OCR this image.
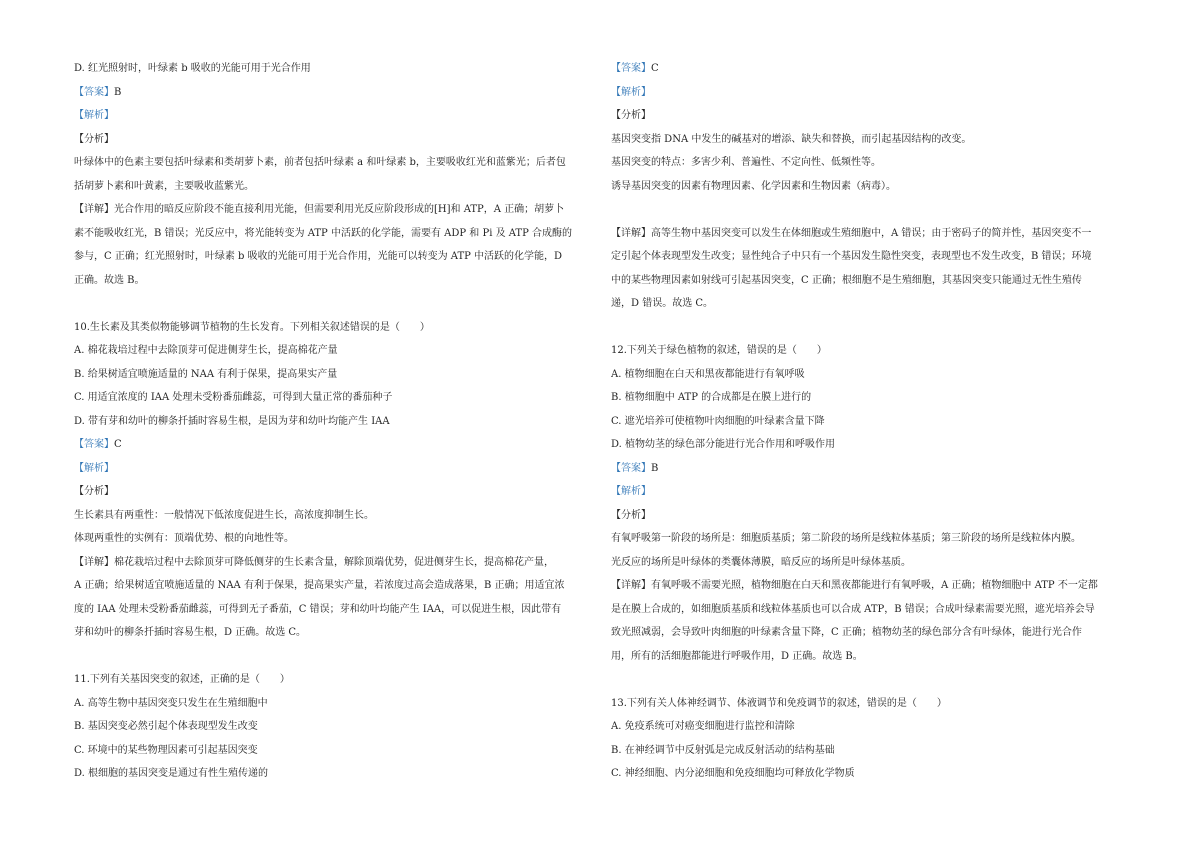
D. 红光照射时，叶绿素 b 吸收的光能可用于光合作用
【答案】B
【解析】
【分析】
叶绿体中的色素主要包括叶绿素和类胡萝卜素，前者包括叶绿素 a 和叶绿素 b，主要吸收红光和蓝紫光；后者包
括胡萝卜素和叶黄素，主要吸收蓝紫光。
【详解】光合作用的暗反应阶段不能直接利用光能，但需要利用光反应阶段形成的[H]和 ATP，A 正确；胡萝卜
素不能吸收红光，B 错误；光反应中，将光能转变为 ATP 中活跃的化学能，需要有 ADP 和 Pi 及 ATP 合成酶的
参与，C 正确；红光照射时，叶绿素 b 吸收的光能可用于光合作用，光能可以转变为 ATP 中活跃的化学能，D
正确。故选 B。
10.生长素及其类似物能够调节植物的生长发育。下列相关叙述错误的是（　　）
A. 棉花栽培过程中去除顶芽可促进侧芽生长，提高棉花产量
B. 给果树适宜喷施适量的 NAA 有利于保果，提高果实产量
C. 用适宜浓度的 IAA 处理未受粉番茄雌蕊，可得到大量正常的番茄种子
D. 带有芽和幼叶的柳条扦插时容易生根，是因为芽和幼叶均能产生 IAA
【答案】C
【解析】
【分析】
生长素具有两重性：一般情况下低浓度促进生长，高浓度抑制生长。
体现两重性的实例有：顶端优势、根的向地性等。
【详解】棉花栽培过程中去除顶芽可降低侧芽的生长素含量，解除顶端优势，促进侧芽生长，提高棉花产量，
A 正确；给果树适宜喷施适量的 NAA 有利于保果，提高果实产量，若浓度过高会造成落果，B 正确；用适宜浓
度的 IAA 处理未受粉番茄雌蕊，可得到无子番茄，C 错误；芽和幼叶均能产生 IAA，可以促进生根，因此带有
芽和幼叶的柳条扦插时容易生根，D 正确。故选 C。
11.下列有关基因突变的叙述，正确的是（　　）
A. 高等生物中基因突变只发生在生殖细胞中
B. 基因突变必然引起个体表现型发生改变
C. 环境中的某些物理因素可引起基因突变
D. 根细胞的基因突变是通过有性生殖传递的
【答案】C
【解析】
【分析】
基因突变指 DNA 中发生的碱基对的增添、缺失和替换，而引起基因结构的改变。
基因突变的特点：多害少利、普遍性、不定向性、低频性等。
诱导基因突变的因素有物理因素、化学因素和生物因素（病毒）。
【详解】高等生物中基因突变可以发生在体细胞或生殖细胞中，A 错误；由于密码子的简并性，基因突变不一
定引起个体表现型发生改变；显性纯合子中只有一个基因发生隐性突变，表现型也不发生改变，B 错误；环境
中的某些物理因素如射线可引起基因突变，C 正确；根细胞不是生殖细胞，其基因突变只能通过无性生殖传
递，D 错误。故选 C。
12.下列关于绿色植物的叙述，错误的是（　　）
A. 植物细胞在白天和黑夜都能进行有氧呼吸
B. 植物细胞中 ATP 的合成都是在膜上进行的
C. 遮光培养可使植物叶肉细胞的叶绿素含量下降
D. 植物幼茎的绿色部分能进行光合作用和呼吸作用
【答案】B
【解析】
【分析】
有氧呼吸第一阶段的场所是：细胞质基质；第二阶段的场所是线粒体基质；第三阶段的场所是线粒体内膜。
光反应的场所是叶绿体的类囊体薄膜，暗反应的场所是叶绿体基质。
【详解】有氧呼吸不需要光照，植物细胞在白天和黑夜都能进行有氧呼吸，A 正确；植物细胞中 ATP 不一定都
是在膜上合成的，如细胞质基质和线粒体基质也可以合成 ATP，B 错误；合成叶绿素需要光照，遮光培养会导
致光照减弱，会导致叶肉细胞的叶绿素含量下降，C 正确；植物幼茎的绿色部分含有叶绿体，能进行光合作
用，所有的活细胞都能进行呼吸作用，D 正确。故选 B。
13.下列有关人体神经调节、体液调节和免疫调节的叙述，错误的是（　　）
A. 免疫系统可对癌变细胞进行监控和清除
B. 在神经调节中反射弧是完成反射活动的结构基础
C. 神经细胞、内分泌细胞和免疫细胞均可释放化学物质
